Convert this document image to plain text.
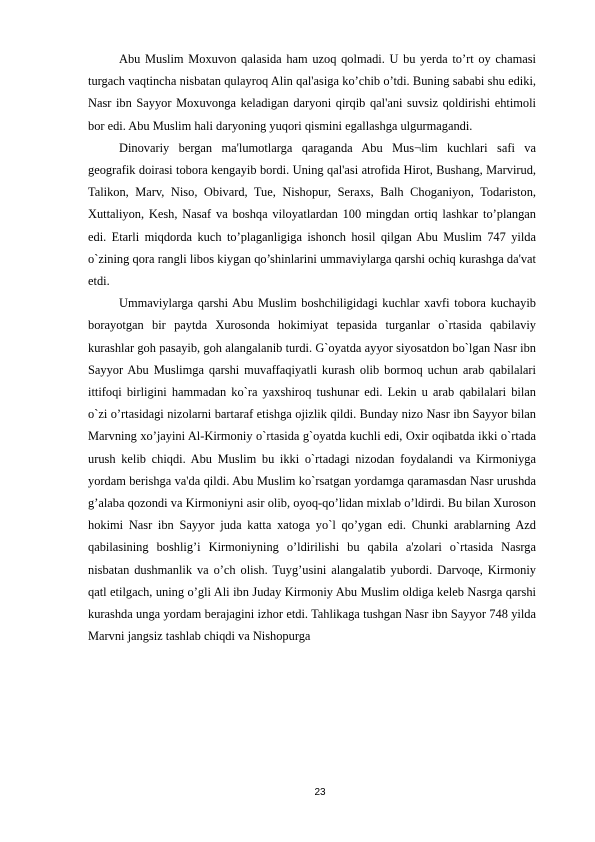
Abu Muslim Moxuvon qalasida ham uzoq qolmadi. U bu yerda to’rt oy chamasi turgach vaqtincha nisbatan qulayroq Alin qal'asiga ko’chib o’tdi. Buning sababi shu ediki, Nasr ibn Sayyor Moxuvonga keladigan daryoni qirqib qal'ani suvsiz qoldirishi ehtimoli bor edi. Abu Muslim hali daryoning yuqori qismini egallashga ulgurmagandi.

Dinovariy bergan ma'lumotlarga qaraganda Abu Mus¬lim kuchlari safi va geografik doirasi tobora kengayib bordi. Uning qal'asi atrofida Hirot, Bushang, Marvirud, Talikon, Marv, Niso, Obivard, Tue, Nishopur, Seraxs, Balh Choganiyon, Todariston, Xuttaliyon, Kesh, Nasaf va boshqa viloyatlardan 100 mingdan ortiq lashkar to’plangan edi. Etarli miqdorda kuch to’plaganligiga ishonch hosil qilgan Abu Muslim 747 yilda o`zining qora rangli libos kiygan qo’shinlarini ummaviylarga qarshi ochiq kurashga da'vat etdi.

Ummaviylarga qarshi Abu Muslim boshchiligidagi kuchlar xavfi tobora kuchayib borayotgan bir paytda Xurosonda hokimiyat tepasida turganlar o`rtasida qabilaviy kurashlar goh pasayib, goh alangalanib turdi. G`oyatda ayyor siyosatdon bo`lgan Nasr ibn Sayyor Abu Muslimga qarshi muvaffaqiyatli kurash olib bormoq uchun arab qabilalari ittifoqi birligini hammadan ko`ra yaxshiroq tushunar edi. Lekin u arab qabilalari bilan o`zi o’rtasidagi nizolarni bartaraf etishga ojizlik qildi. Bunday nizo Nasr ibn Sayyor bilan Marvning xo’jayini Al-Kirmoniy o`rtasida g`oyatda kuchli edi, Oxir oqibatda ikki o`rtada urush kelib chiqdi. Abu Muslim bu ikki o`rtadagi nizodan foydalandi va Kirmoniyga yordam berishga va'da qildi. Abu Muslim ko`rsatgan yordamga qaramasdan Nasr urushda g’alaba qozondi va Kirmoniyni asir olib, oyoq-qo’lidan mixlab o’ldirdi. Bu bilan Xuroson hokimi Nasr ibn Sayyor juda katta xatoga yo`l qo’ygan edi. Chunki arablarning Azd qabilasining boshlig’i Kirmoniyning o’ldirilishi bu qabila a'zolari o`rtasida Nasrga nisbatan dushmanlik va o’ch olish. Tuyg’usini alangalatib yubordi. Darvoqe, Kirmoniy qatl etilgach, uning o’gli Ali ibn Juday Kirmoniy Abu Muslim oldiga keleb Nasrga qarshi kurashda unga yordam berajagini izhor etdi. Tahlikaga tushgan Nasr ibn Sayyor 748 yilda Marvni jangsiz tashlab chiqdi va Nishopurga

23
